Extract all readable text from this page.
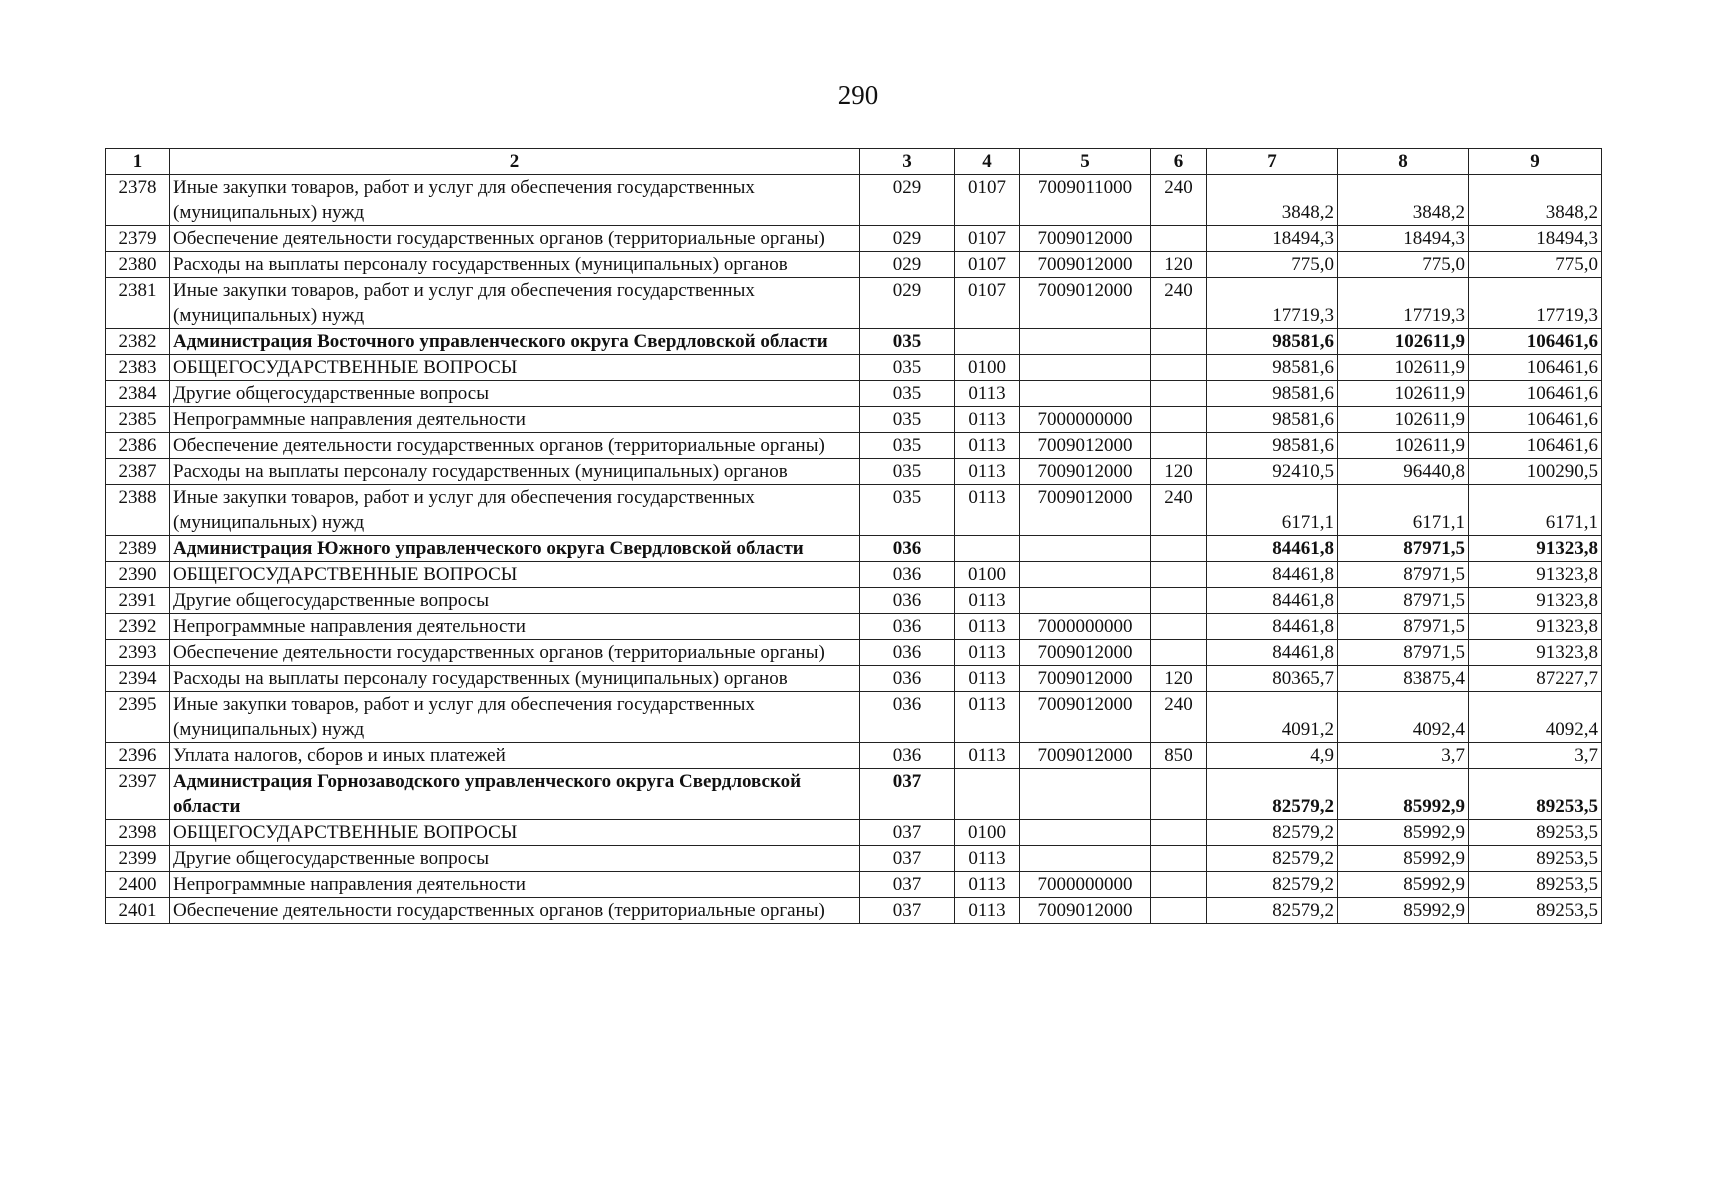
290
1	2	3	4	5	6	7	8	9
2378	Иные закупки товаров, работ и услуг для обеспечения государственных (муниципальных) нужд	029	0107	7009011000	240	3848,2	3848,2	3848,2
2379	Обеспечение деятельности государственных органов (территориальные органы)	029	0107	7009012000		18494,3	18494,3	18494,3
2380	Расходы на выплаты персоналу государственных (муниципальных) органов	029	0107	7009012000	120	775,0	775,0	775,0
2381	Иные закупки товаров, работ и услуг для обеспечения государственных (муниципальных) нужд	029	0107	7009012000	240	17719,3	17719,3	17719,3
2382	Администрация Восточного управленческого округа Свердловской области	035				98581,6	102611,9	106461,6
2383	ОБЩЕГОСУДАРСТВЕННЫЕ ВОПРОСЫ	035	0100			98581,6	102611,9	106461,6
2384	Другие общегосударственные вопросы	035	0113			98581,6	102611,9	106461,6
2385	Непрограммные направления деятельности	035	0113	7000000000		98581,6	102611,9	106461,6
2386	Обеспечение деятельности государственных органов (территориальные органы)	035	0113	7009012000		98581,6	102611,9	106461,6
2387	Расходы на выплаты персоналу государственных (муниципальных) органов	035	0113	7009012000	120	92410,5	96440,8	100290,5
2388	Иные закупки товаров, работ и услуг для обеспечения государственных (муниципальных) нужд	035	0113	7009012000	240	6171,1	6171,1	6171,1
2389	Администрация Южного управленческого округа Свердловской области	036				84461,8	87971,5	91323,8
2390	ОБЩЕГОСУДАРСТВЕННЫЕ ВОПРОСЫ	036	0100			84461,8	87971,5	91323,8
2391	Другие общегосударственные вопросы	036	0113			84461,8	87971,5	91323,8
2392	Непрограммные направления деятельности	036	0113	7000000000		84461,8	87971,5	91323,8
2393	Обеспечение деятельности государственных органов (территориальные органы)	036	0113	7009012000		84461,8	87971,5	91323,8
2394	Расходы на выплаты персоналу государственных (муниципальных) органов	036	0113	7009012000	120	80365,7	83875,4	87227,7
2395	Иные закупки товаров, работ и услуг для обеспечения государственных (муниципальных) нужд	036	0113	7009012000	240	4091,2	4092,4	4092,4
2396	Уплата налогов, сборов и иных платежей	036	0113	7009012000	850	4,9	3,7	3,7
2397	Администрация Горнозаводского управленческого округа Свердловской области	037				82579,2	85992,9	89253,5
2398	ОБЩЕГОСУДАРСТВЕННЫЕ ВОПРОСЫ	037	0100			82579,2	85992,9	89253,5
2399	Другие общегосударственные вопросы	037	0113			82579,2	85992,9	89253,5
2400	Непрограммные направления деятельности	037	0113	7000000000		82579,2	85992,9	89253,5
2401	Обеспечение деятельности государственных органов (территориальные органы)	037	0113	7009012000		82579,2	85992,9	89253,5
